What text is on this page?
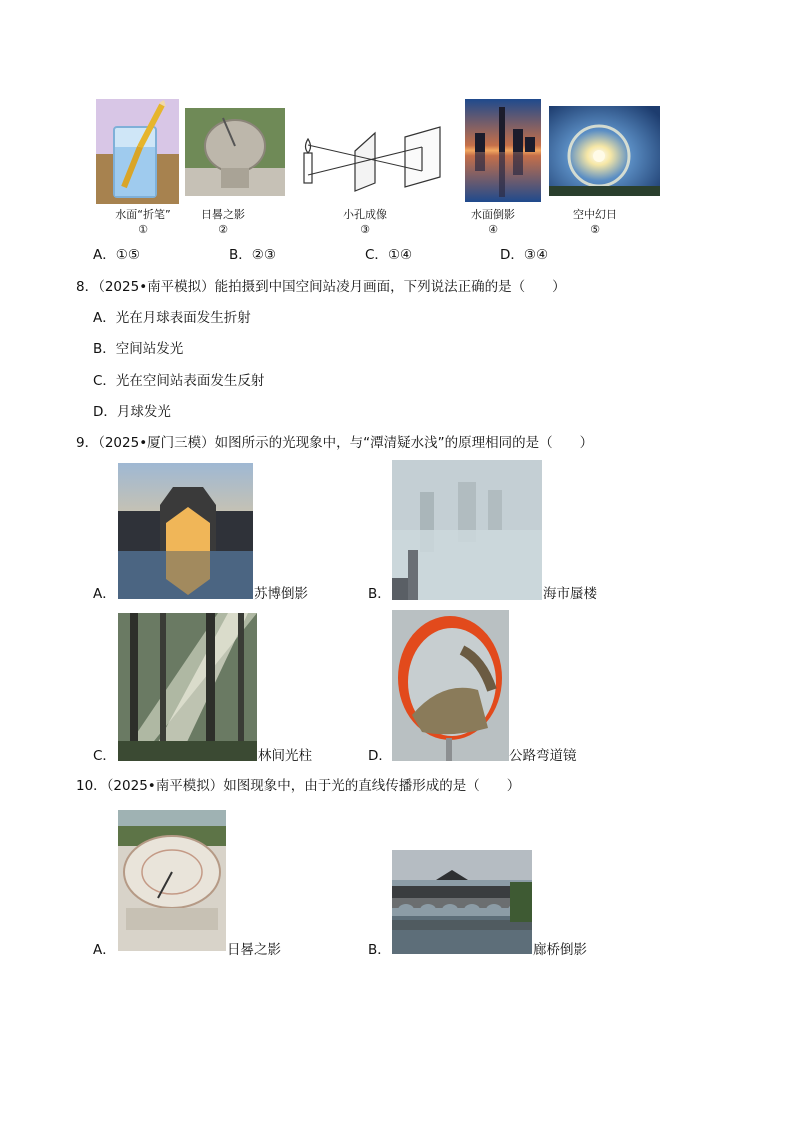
水面“折笔”
①
日晷之影
②
小孔成像
③
水面倒影
④
空中幻日
⑤
A．①⑤	B．②③	C．①④	D．③④
8．（2025•南平模拟）能拍摄到中国空间站凌月画面，下列说法正确的是（　　）
A．光在月球表面发生折射
B．空间站发光
C．光在空间站表面发生反射
D．月球发光
9．（2025•厦门三模）如图所示的光现象中，与“潭清疑水浅”的原理相同的是（　　）
A．	苏博倒影	B．	海市蜃楼
C．	林间光柱	D．	公路弯道镜
10．（2025•南平模拟）如图现象中，由于光的直线传播形成的是（　　）
A．	日晷之影	B．	廊桥倒影
